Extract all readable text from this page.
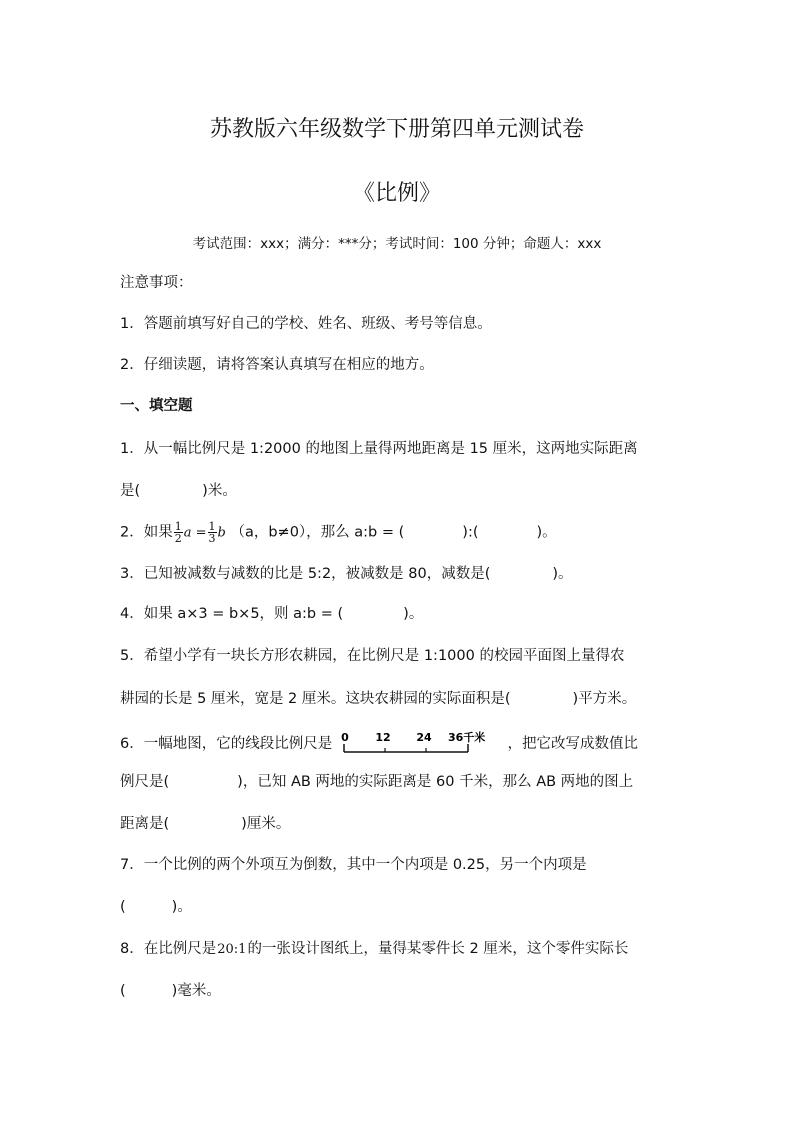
苏教版六年级数学下册第四单元测试卷
《比例》
考试范围：xxx；满分：***分；考试时间：100 分钟；命题人：xxx
注意事项：
1．答题前填写好自己的学校、姓名、班级、考号等信息。
2．仔细读题，请将答案认真填写在相应的地方。
一、填空题
1．从一幅比例尺是 1:2000 的地图上量得两地距离是 15 厘米，这两地实际距离
是(	)米。
2．如果 $\frac{1}{2}$ $a = \frac{1}{3}$ b （a，b≠0），那么 a:b = (	):(	)。
3．已知被减数与减数的比是 5:2，被减数是 80，减数是(	)。
4．如果 a×3 = b×5，则 a:b = (	)。
5．希望小学有一块长方形农耕园，在比例尺是 1:1000 的校园平面图上量得农
耕园的长是 5 厘米，宽是 2 厘米。这块农耕园的实际面积是(	)平方米。
6．一幅地图，它的线段比例尺是 0 12 24 36千米 ，把它改写成数值比
例尺是(	)，已知 AB 两地的实际距离是 60 千米，那么 AB 两地的图上
距离是(	)厘米。
7．一个比例的两个外项互为倒数，其中一个内项是 0.25，另一个内项是
(	)。
8．在比例尺是20:1的一张设计图纸上，量得某零件长 2 厘米，这个零件实际长
(	)毫米。
